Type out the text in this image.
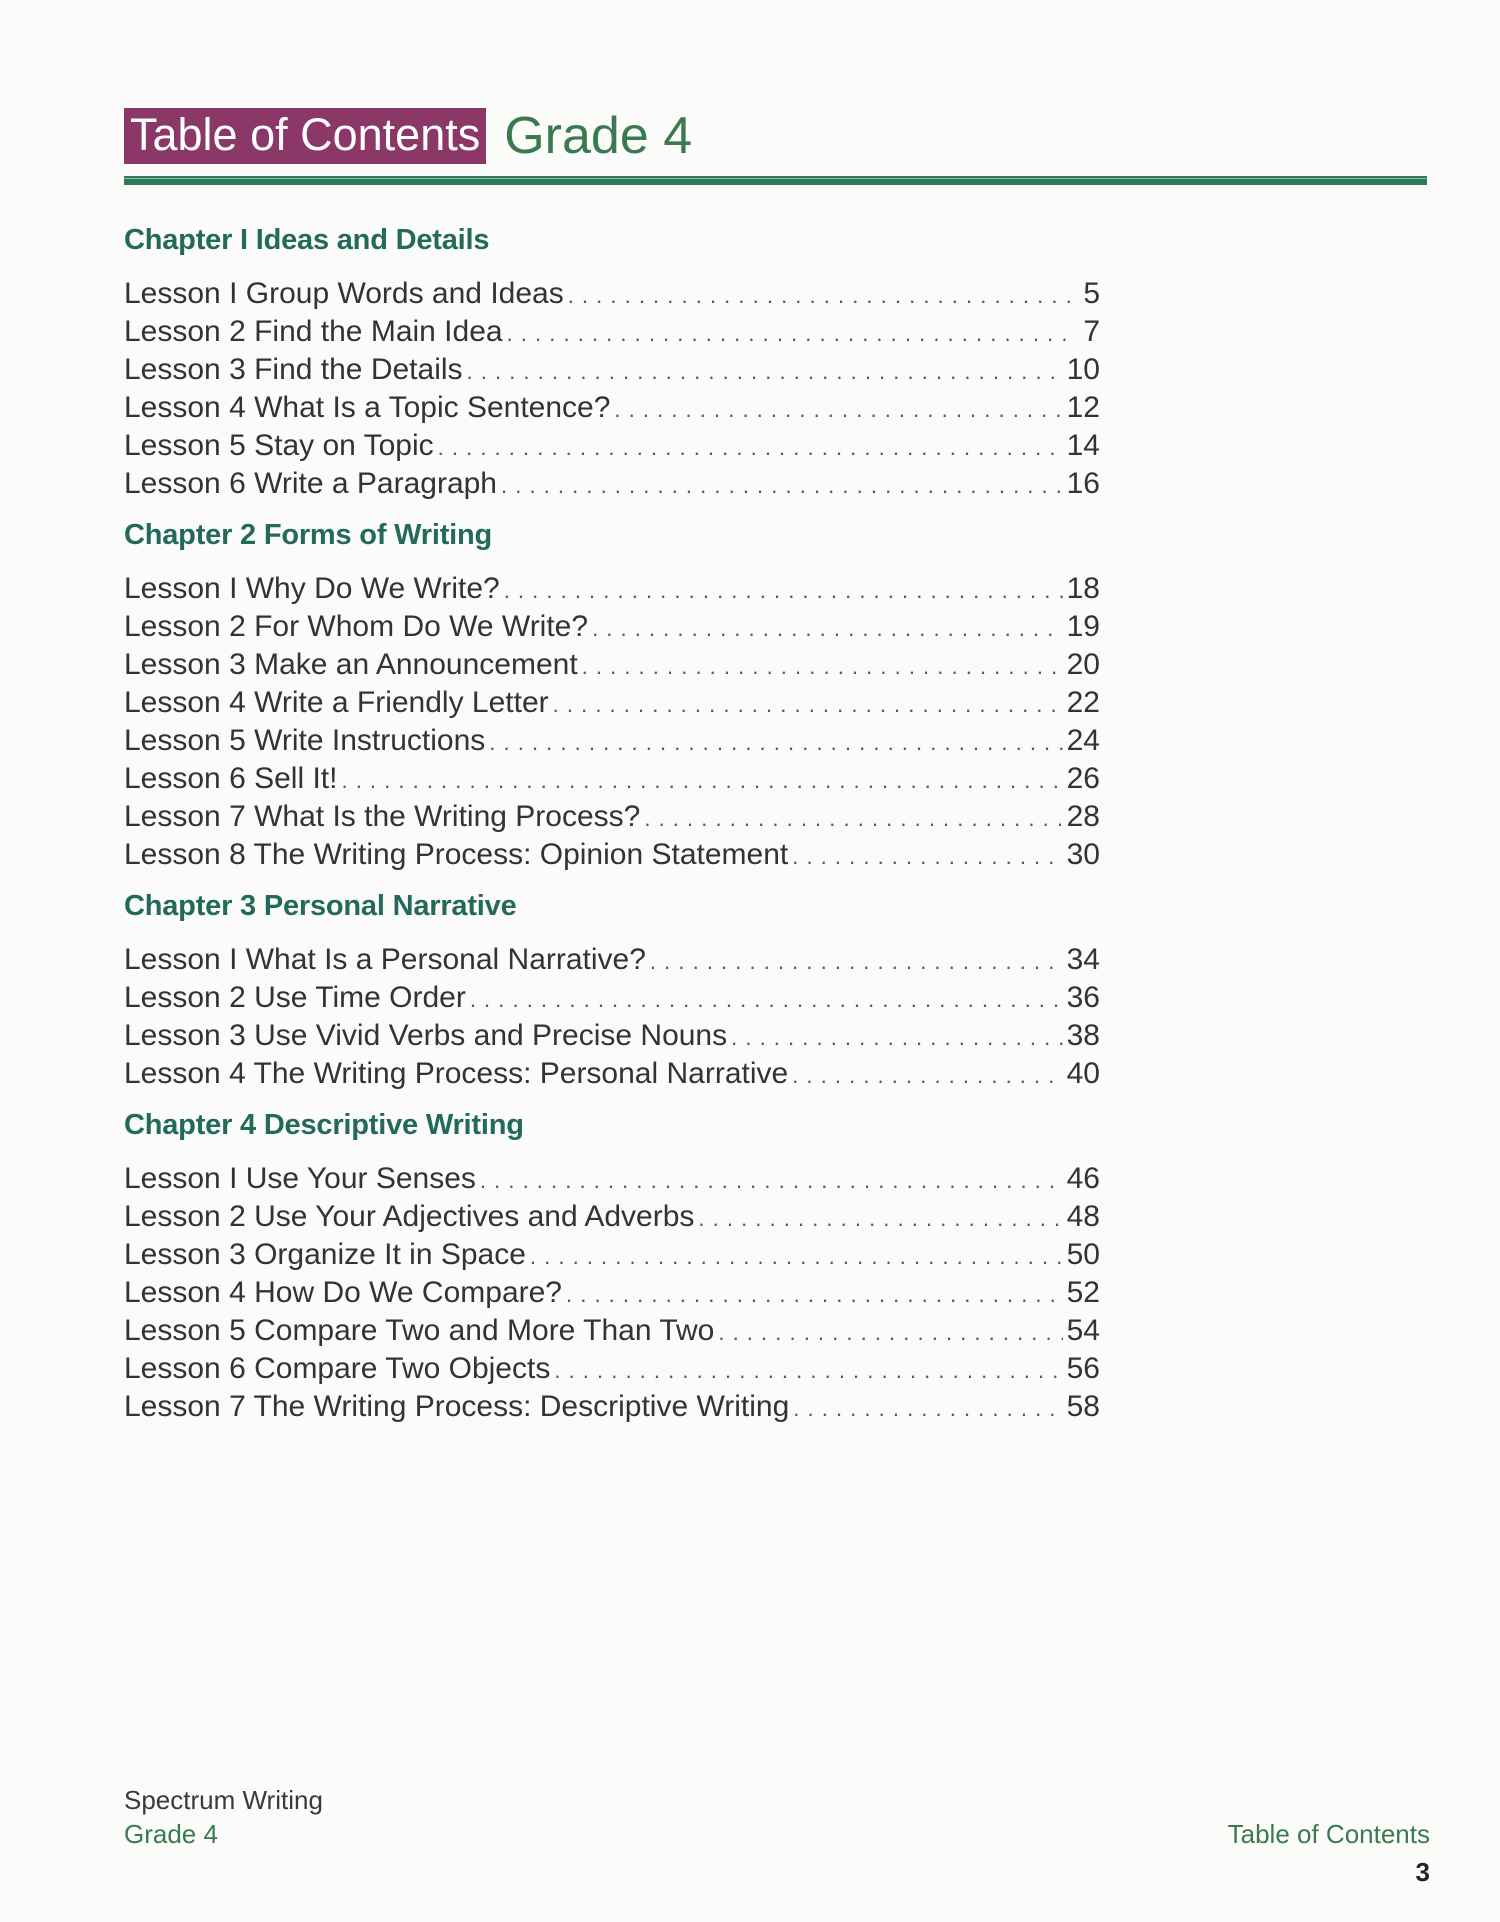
Table of Contents Grade 4
Chapter I Ideas and Details
Lesson I Group Words and Ideas . . .	5
Lesson 2 Find the Main Idea . . .	7
Lesson 3 Find the Details . . .	10
Lesson 4 What Is a Topic Sentence? . . .	12
Lesson 5 Stay on Topic . . .	14
Lesson 6 Write a Paragraph . . .	16
Chapter 2 Forms of Writing
Lesson I Why Do We Write? . . .	18
Lesson 2 For Whom Do We Write? . . .	19
Lesson 3 Make an Announcement . . .	20
Lesson 4 Write a Friendly Letter . . .	22
Lesson 5 Write Instructions . . .	24
Lesson 6 Sell It! . . .	26
Lesson 7 What Is the Writing Process? . . .	28
Lesson 8 The Writing Process: Opinion Statement . . .	30
Chapter 3 Personal Narrative
Lesson I What Is a Personal Narrative? . . .	34
Lesson 2 Use Time Order . . .	36
Lesson 3 Use Vivid Verbs and Precise Nouns . . .	38
Lesson 4 The Writing Process: Personal Narrative . . .	40
Chapter 4 Descriptive Writing
Lesson I Use Your Senses . . .	46
Lesson 2 Use Your Adjectives and Adverbs . . .	48
Lesson 3 Organize It in Space . . .	50
Lesson 4 How Do We Compare? . . .	52
Lesson 5 Compare Two and More Than Two . . .	54
Lesson 6 Compare Two Objects . . .	56
Lesson 7 The Writing Process: Descriptive Writing . . .	58
Spectrum Writing
Grade 4	Table of Contents
3
